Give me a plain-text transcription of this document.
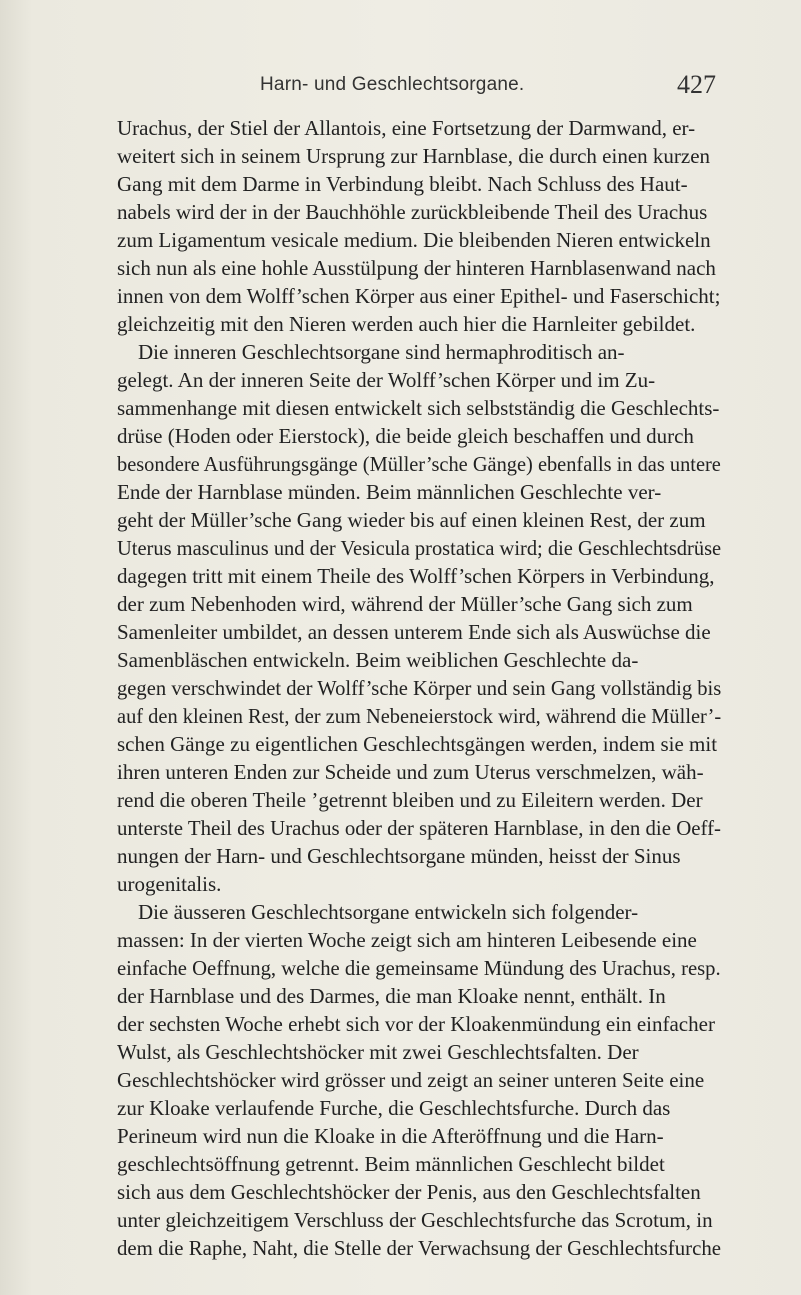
Harn- und Geschlechtsorgane.	427
Urachus, der Stiel der Allantois, eine Fortsetzung der Darmwand, er-
weitert sich in seinem Ursprung zur Harnblase, die durch einen kurzen
Gang mit dem Darme in Verbindung bleibt. Nach Schluss des Haut-
nabels wird der in der Bauchhöhle zurückbleibende Theil des Urachus
zum Ligamentum vesicale medium. Die bleibenden Nieren entwickeln
sich nun als eine hohle Ausstülpung der hinteren Harnblasenwand nach
innen von dem Wolff’schen Körper aus einer Epithel- und Faserschicht;
gleichzeitig mit den Nieren werden auch hier die Harnleiter gebildet.
Die inneren Geschlechtsorgane sind hermaphroditisch an-
gelegt. An der inneren Seite der Wolff’schen Körper und im Zu-
sammenhange mit diesen entwickelt sich selbstständig die Geschlechts-
drüse (Hoden oder Eierstock), die beide gleich beschaffen und durch
besondere Ausführungsgänge (Müller’sche Gänge) ebenfalls in das untere
Ende der Harnblase münden. Beim männlichen Geschlechte ver-
geht der Müller’sche Gang wieder bis auf einen kleinen Rest, der zum
Uterus masculinus und der Vesicula prostatica wird; die Geschlechtsdrüse
dagegen tritt mit einem Theile des Wolff’schen Körpers in Verbindung,
der zum Nebenhoden wird, während der Müller’sche Gang sich zum
Samenleiter umbildet, an dessen unterem Ende sich als Auswüchse die
Samenbläschen entwickeln. Beim weiblichen Geschlechte da-
gegen verschwindet der Wolff’sche Körper und sein Gang vollständig bis
auf den kleinen Rest, der zum Nebeneierstock wird, während die Müller’-
schen Gänge zu eigentlichen Geschlechtsgängen werden, indem sie mit
ihren unteren Enden zur Scheide und zum Uterus verschmelzen, wäh-
rend die oberen Theile ’getrennt bleiben und zu Eileitern werden. Der
unterste Theil des Urachus oder der späteren Harnblase, in den die Oeff-
nungen der Harn- und Geschlechtsorgane münden, heisst der Sinus
urogenitalis.
Die äusseren Geschlechtsorgane entwickeln sich folgender-
massen: In der vierten Woche zeigt sich am hinteren Leibesende eine
einfache Oeffnung, welche die gemeinsame Mündung des Urachus, resp.
der Harnblase und des Darmes, die man Kloake nennt, enthält. In
der sechsten Woche erhebt sich vor der Kloakenmündung ein einfacher
Wulst, als Geschlechtshöcker mit zwei Geschlechtsfalten. Der
Geschlechtshöcker wird grösser und zeigt an seiner unteren Seite eine
zur Kloake verlaufende Furche, die Geschlechtsfurche. Durch das
Perineum wird nun die Kloake in die Afteröffnung und die Harn-
geschlechtsöffnung getrennt. Beim männlichen Geschlecht bildet
sich aus dem Geschlechtshöcker der Penis, aus den Geschlechtsfalten
unter gleichzeitigem Verschluss der Geschlechtsfurche das Scrotum, in
dem die Raphe, Naht, die Stelle der Verwachsung der Geschlechtsfurche
